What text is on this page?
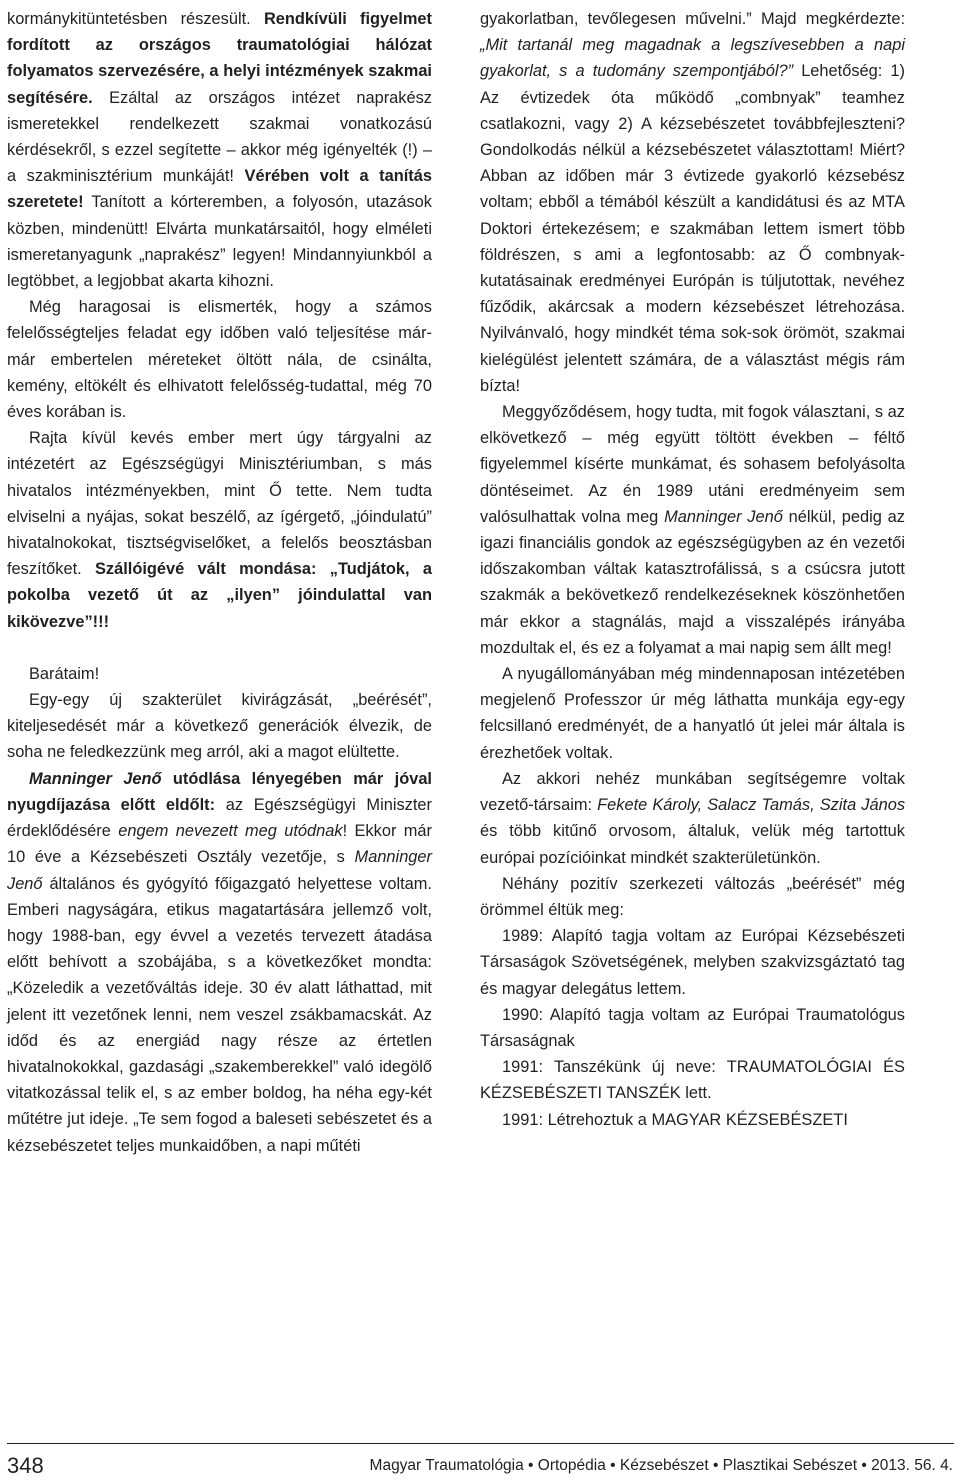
kormánykitüntetésben részesült. Rendkívüli figyelmet fordított az országos traumatológiai hálózat folyamatos szervezésére, a helyi intézmények szakmai segítésére. Ezáltal az országos intézet naprakész ismeretekkel rendelkezett szakmai vonatkozású kérdésekről, s ezzel segítette – akkor még igényelték (!) – a szakminisztérium munkáját! Vérében volt a tanítás szeretete! Tanított a kórteremben, a folyosón, utazások közben, mindenütt! Elvárta munkatársaitól, hogy elméleti ismeretanyagunk „naprakész” legyen! Mindannyiunkból a legtöbbet, a legjobbat akarta kihozni.

Még haragosai is elismerték, hogy a számos felelősségteljes feladat egy időben való teljesítése már-már embertelen méreteket öltött nála, de csinálta, kemény, eltökélt és elhivatott felelősség-tudattal, még 70 éves korában is.

Rajta kívül kevés ember mert úgy tárgyalni az intézetért az Egészségügyi Minisztériumban, s más hivatalos intézményekben, mint Ő tette. Nem tudta elviselni a nyájas, sokat beszélő, az ígérgető, „jóindulatú” hivatalnokokat, tisztségviselőket, a felelős beosztásban feszítőket. Szállóigévé vált mondása: „Tudjátok, a pokolba vezető út az „ilyen” jóindulattal van kikövezve”!!!

Barátaim!

Egy-egy új szakterület kivirágzását, „beérését”, kiteljesedését már a következő generációk élvezik, de soha ne feledkezzünk meg arról, aki a magot elültette.

Manninger Jenő utódlása lényegében már jóval nyugdíjazása előtt eldőlt: az Egészségügyi Miniszter érdeklődésére engem nevezett meg utódnak! Ekkor már 10 éve a Kézsebészeti Osztály vezetője, s Manninger Jenő általános és gyógyító főigazgató helyettese voltam. Emberi nagyságára, etikus magatartására jellemző volt, hogy 1988-ban, egy évvel a vezetés tervezett átadása előtt behívott a szobájába, s a következőket mondta: „Közeledik a vezetőváltás ideje. 30 év alatt láthattad, mit jelent itt vezetőnek lenni, nem veszel zsákbamacskát. Az időd és az energiád nagy része az értetlen hivatalnokokkal, gazdasági „szakemberekkel” való idegölő vitatkozással telik el, s az ember boldog, ha néha egy-két műtétre jut ideje. „Te sem fogod a baleseti sebészetet és a kézsebészetet teljes munkaidőben, a napi műtéti

gyakorlatban, tevőlegesen művelni.” Majd megkérdezte: „Mit tartanál meg magadnak a legszívesebben a napi gyakorlat, s a tudomány szempontjából?” Lehetőség: 1) Az évtizedek óta működő „combnyak” teamhez csatlakozni, vagy 2) A kézsebészetet továbbfejleszteni? Gondolkodás nélkül a kézsebészetet választottam! Miért? Abban az időben már 3 évtizede gyakorló kézsebész voltam; ebből a témából készült a kandidátusi és az MTA Doktori értekezésem; e szakmában lettem ismert több földrészen, s ami a legfontosabb: az Ő combnyak-kutatásainak eredményei Európán is túljutottak, nevéhez fűződik, akárcsak a modern kézsebészet létrehozása. Nyilvánvaló, hogy mindkét téma sok-sok örömöt, szakmai kielégülést jelentett számára, de a választást mégis rám bízta!

Meggyőződésem, hogy tudta, mit fogok választani, s az elkövetkező – még együtt töltött években – féltő figyelemmel kísérte munkámat, és sohasem befolyásolta döntéseimet. Az én 1989 utáni eredményeim sem valósulhattak volna meg Manninger Jenő nélkül, pedig az igazi financiális gondok az egészségügyben az én vezetői időszakomban váltak katasztrofálissá, s a csúcsra jutott szakmák a bekövetkező rendelkezéseknek köszönhetően már ekkor a stagnálás, majd a visszalépés irányába mozdultak el, és ez a folyamat a mai napig sem állt meg!

A nyugállományában még mindennaposan intézetében megjelenő Professzor úr még láthatta munkája egy-egy felcsillanó eredményét, de a hanyatló út jelei már általa is érezhetőek voltak.

Az akkori nehéz munkában segítségemre voltak vezető-társaim: Fekete Károly, Salacz Tamás, Szita János és több kitűnő orvosom, általuk, velük még tartottuk európai pozícióinkat mindkét szakterületünkön.

Néhány pozitív szerkezeti változás „beérését” még örömmel éltük meg:

1989: Alapító tagja voltam az Európai Kézsebészeti Társaságok Szövetségének, melyben szakvizsgáztató tag és magyar delegátus lettem.

1990: Alapító tagja voltam az Európai Traumatológus Társaságnak

1991: Tanszékünk új neve: TRAUMATOLÓGIAI ÉS KÉZSEBÉSZETI TANSZÉK lett.

1991: Létrehoztuk a MAGYAR KÉZSEBÉSZETI

348	Magyar Traumatológia • Ortopédia • Kézsebészet • Plasztikai Sebészet • 2013. 56. 4.
